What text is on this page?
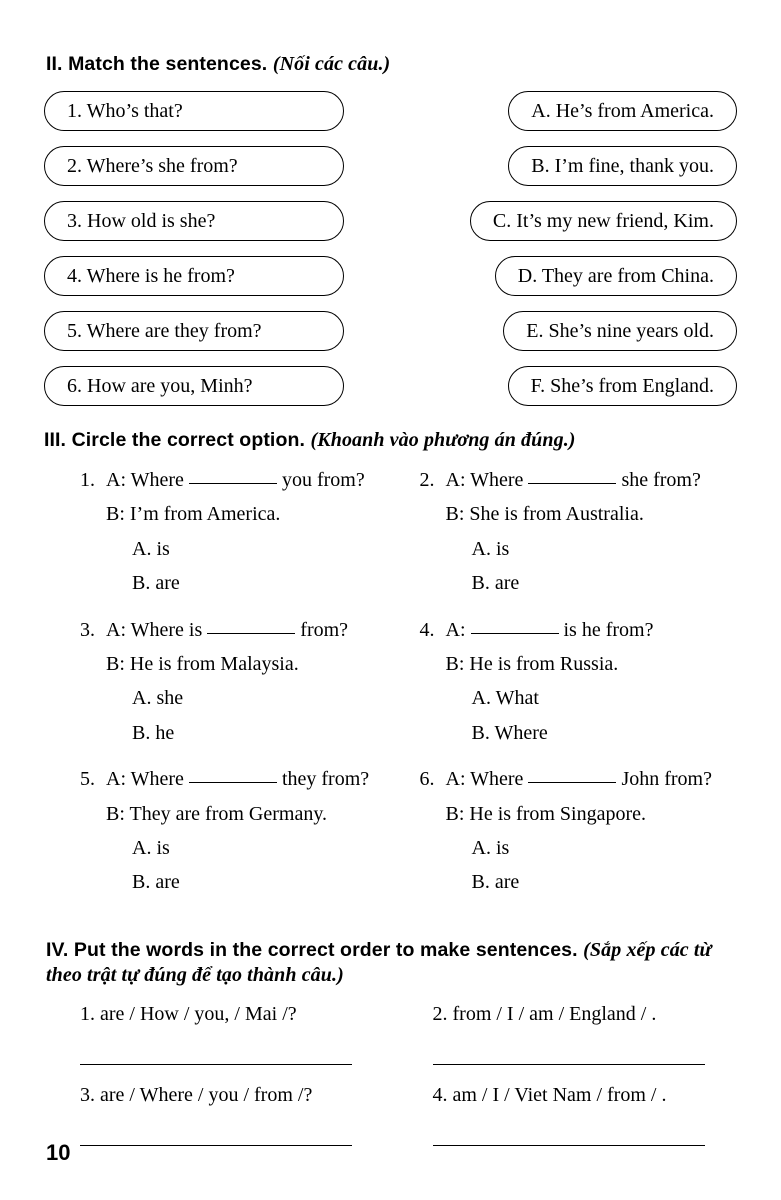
II. Match the sentences. (Nối các câu.)
1. Who’s that?
2. Where’s she from?
3. How old is she?
4. Where is he from?
5. Where are they from?
6. How are you, Minh?
A. He’s from America.
B. I’m fine, thank you.
C. It’s my new friend, Kim.
D. They are from China.
E. She’s nine years old.
F. She’s from England.
III. Circle the correct option. (Khoanh vào phương án đúng.)
1. A: Where	you from?
B: I’m from America.
A. is
B. are
2. A: Where	she from?
B: She is from Australia.
A. is
B. are
3. A: Where is	from?
B: He is from Malaysia.
A. she
B. he
4. A:	is he from?
B: He is from Russia.
A. What
B. Where
5. A: Where	they from?
B: They are from Germany.
A. is
B. are
6. A: Where	John from?
B: He is from Singapore.
A. is
B. are
IV. Put the words in the correct order to make sentences. (Sắp xếp các từ theo trật tự đúng để tạo thành câu.)
1. are / How / you, / Mai /?	2. from / I / am / England / .
3. are / Where / you / from /?	4. am / I / Viet Nam / from / .
10
